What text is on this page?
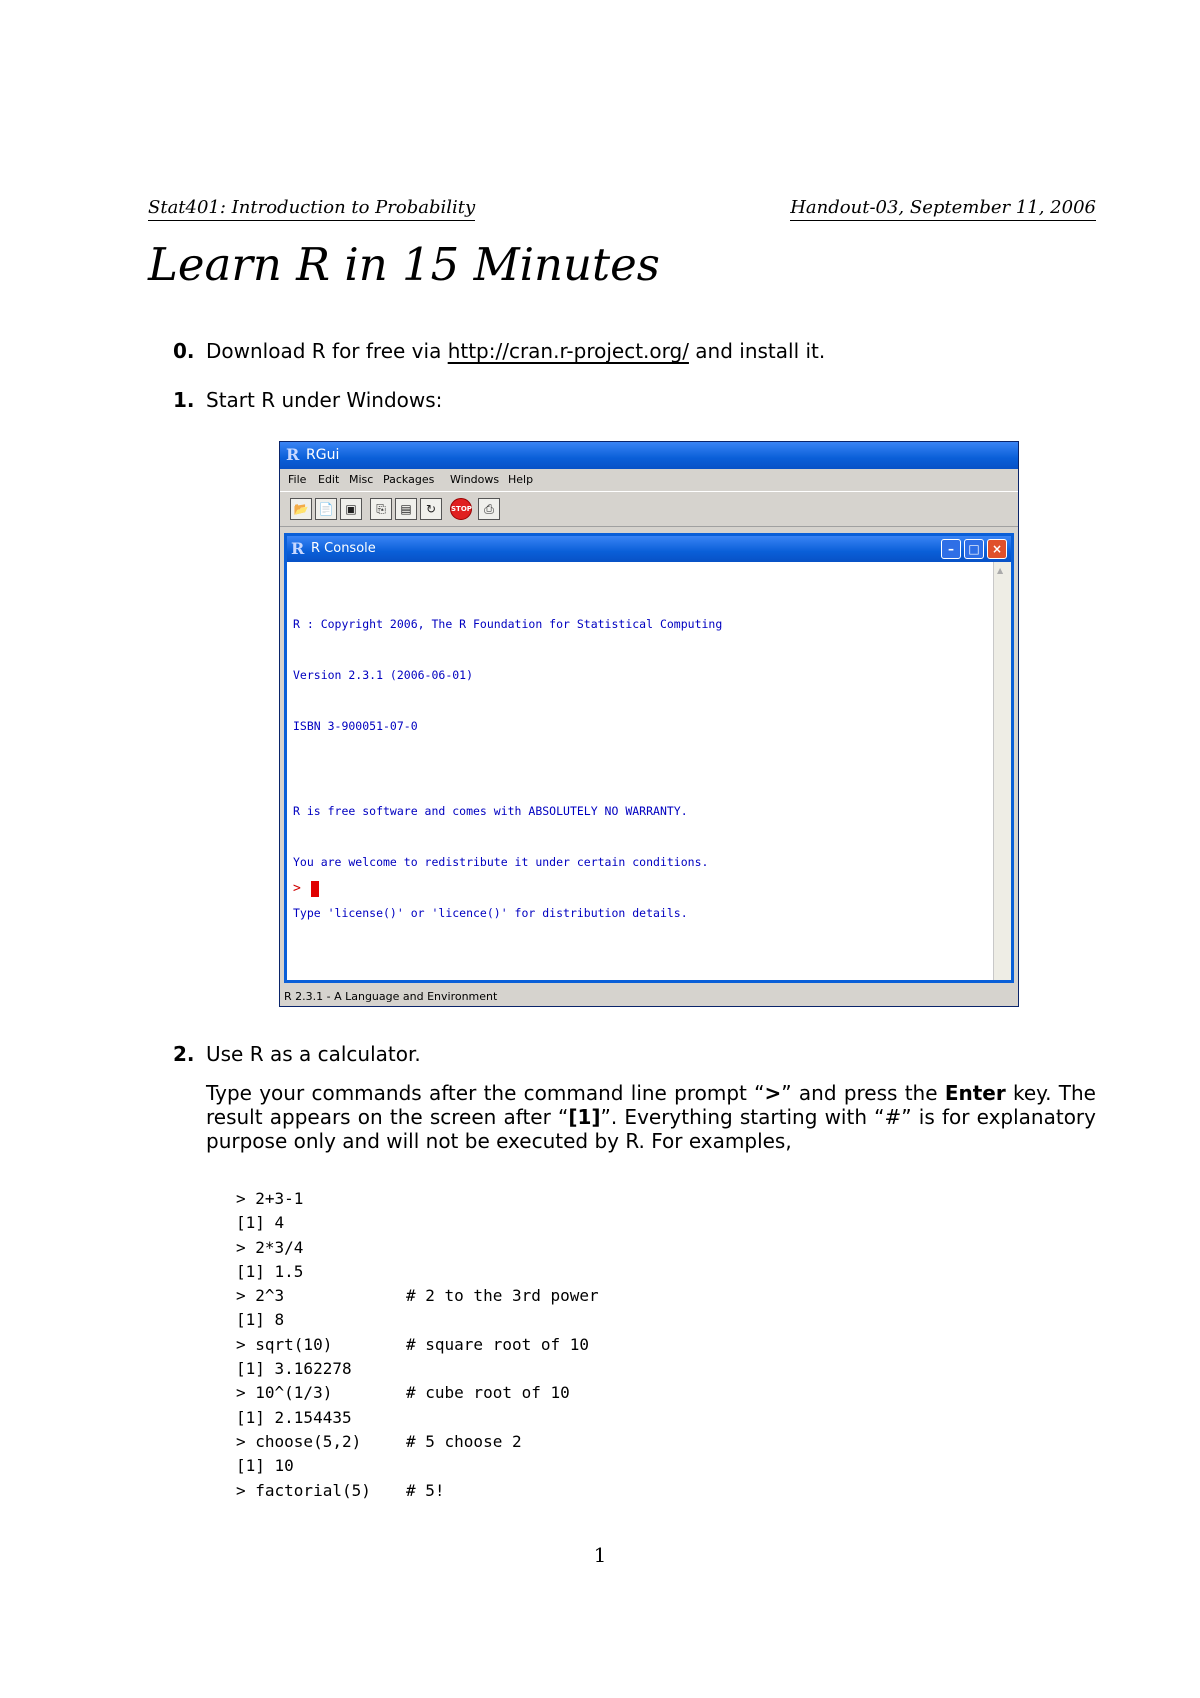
Stat401: Introduction to Probability	Handout-03, September 11, 2006
Learn R in 15 Minutes
0. Download R for free via http://cran.r-project.org/ and install it.
1. Start R under Windows:
R RGui
File Edit Misc Packages Windows Help
📂 📄 ▣	⎘	▤	↻	STOP	⎙
R R Console	–	□	×

R : Copyright 2006, The R Foundation for Statistical Computing

Version 2.3.1 (2006-06-01)

ISBN 3-900051-07-0

R is free software and comes with ABSOLUTELY NO WARRANTY.

You are welcome to redistribute it under certain conditions.

Type 'license()' or 'licence()' for distribution details.

>
▲
R 2.3.1 - A Language and Environment
2. Use R as a calculator.
Type your commands after the command line prompt “>” and press the Enter key. The result appears on the screen after “[1]”. Everything starting with “#” is for explanatory purpose only and will not be executed by R. For examples,
> 2+3-1
[1] 4
> 2*3/4
[1] 1.5
> 2^3	# 2 to the 3rd power
[1] 8
> sqrt(10)	# square root of 10
[1] 3.162278
> 10^(1/3)	# cube root of 10
[1] 2.154435
> choose(5,2)	# 5 choose 2
[1] 10
> factorial(5) # 5!
1
